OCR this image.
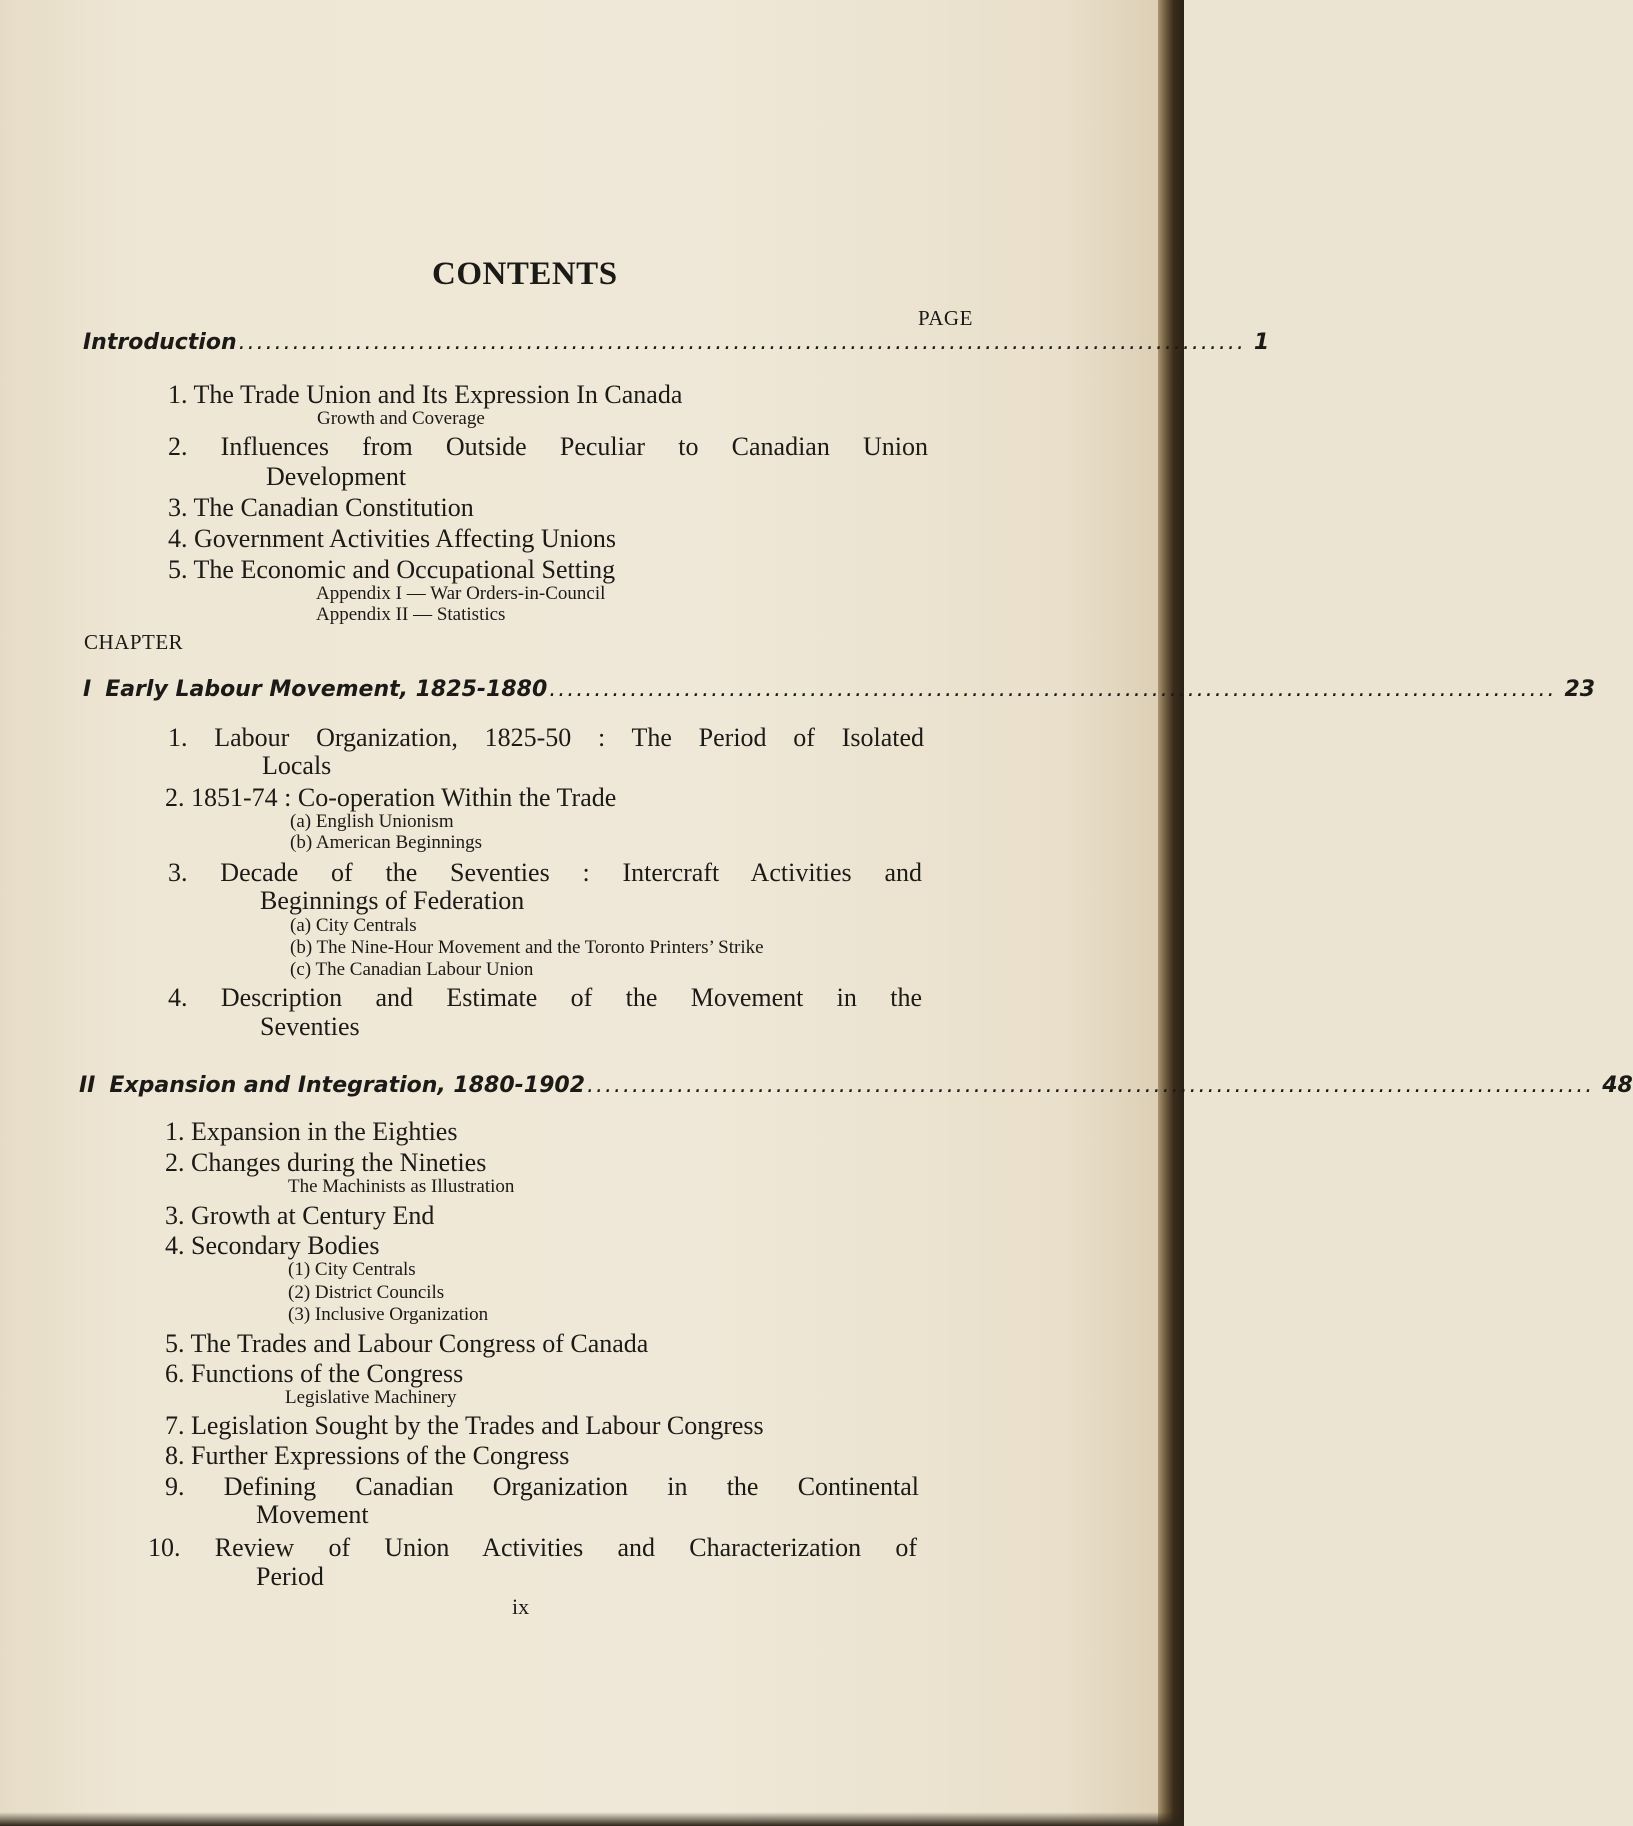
CONTENTS
PAGE
Introduction ................................................................................................................ 1
1. The Trade Union and Its Expression In Canada
Growth and Coverage
2. Influences from Outside Peculiar to Canadian Union
Development
3. The Canadian Constitution
4. Government Activities Affecting Unions
5. The Economic and Occupational Setting
Appendix I — War Orders-in-Council
Appendix II — Statistics
CHAPTER
I Early Labour Movement, 1825-1880 ................................................................................................................ 23
1. Labour Organization, 1825-50 : The Period of Isolated
Locals
2. 1851-74 : Co-operation Within the Trade
(a) English Unionism
(b) American Beginnings
3. Decade of the Seventies : Intercraft Activities and
Beginnings of Federation
(a) City Centrals
(b) The Nine-Hour Movement and the Toronto Printers’ Strike
(c) The Canadian Labour Union
4. Description and Estimate of the Movement in the
Seventies
II Expansion and Integration, 1880-1902 ................................................................................................................ 48
1. Expansion in the Eighties
2. Changes during the Nineties
The Machinists as Illustration
3. Growth at Century End
4. Secondary Bodies
(1) City Centrals
(2) District Councils
(3) Inclusive Organization
5. The Trades and Labour Congress of Canada
6. Functions of the Congress
Legislative Machinery
7. Legislation Sought by the Trades and Labour Congress
8. Further Expressions of the Congress
9. Defining Canadian Organization in the Continental
Movement
10. Review of Union Activities and Characterization of
Period
ix
